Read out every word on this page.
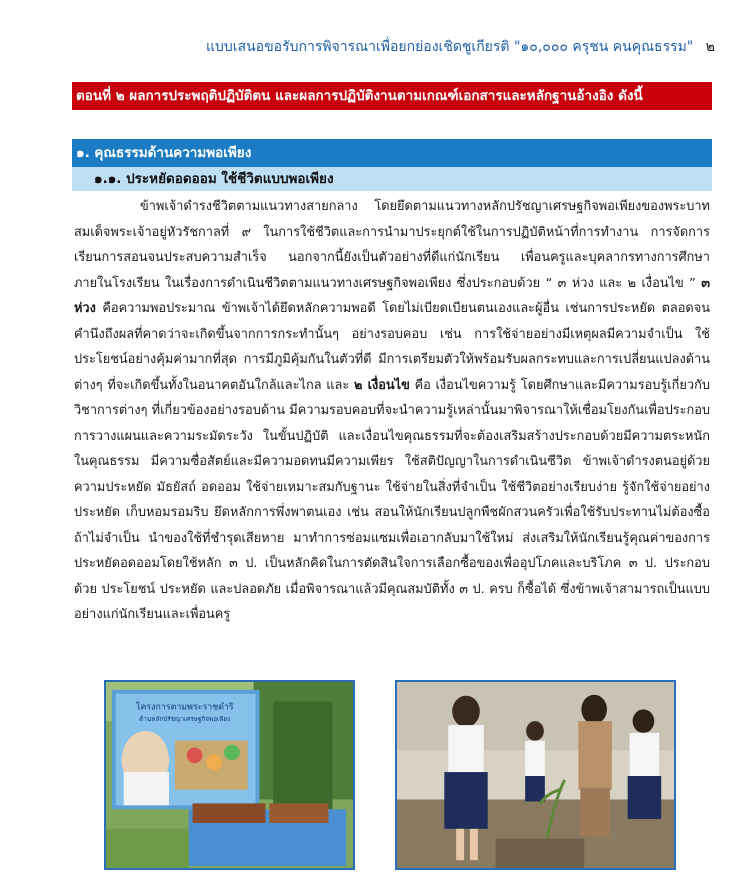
แบบเสนอขอรับการพิจารณาเพื่อยกย่องเชิดชูเกียรติ "๑๐,๐๐๐ ครุชน คนคุณธรรม" ๒
ตอนที่ ๒ ผลการประพฤติปฏิบัติตน และผลการปฏิบัติงานตามเกณฑ์เอกสารและหลักฐานอ้างอิง ดังนี้
๑. คุณธรรมด้านความพอเพียง
๑.๑. ประหยัดอดออม ใช้ชีวิตแบบพอเพียง

ข้าพเจ้าดำรงชีวิตตามแนวทางสายกลาง โดยยึดตามแนวทางหลักปรัชญาเศรษฐกิจพอเพียงของพระบาทสมเด็จพระเจ้าอยู่หัวรัชกาลที่ ๙ ในการใช้ชีวิตและการนำมาประยุกต์ใช้ในการปฏิบัติหน้าที่การทำงาน การจัดการเรียนการสอนจนประสบความสำเร็จ นอกจากนี้ยังเป็นตัวอย่างที่ดีแก่นักเรียน เพื่อนครูและบุคลากรทางการศึกษาภายในโรงเรียน ในเรื่องการดำเนินชีวิตตามแนวทางเศรษฐกิจพอเพียง ซึ่งประกอบด้วย “ ๓ ห่วง และ ๒ เงื่อนไข ” ๓ ห่วง คือความพอประมาณ ข้าพเจ้าได้ยึดหลักความพอดี โดยไม่เบียดเบียนตนเองและผู้อื่น เช่นการประหยัด ตลอดจนคำนึงถึงผลที่คาดว่าจะเกิดขึ้นจากการกระทำนั้นๆ อย่างรอบคอบ เช่น การใช้จ่ายอย่างมีเหตุผลมีความจำเป็น ใช้ประโยชน์อย่างคุ้มค่ามากที่สุด การมีภูมิคุ้มกันในตัวที่ดี มีการเตรียมตัวให้พร้อมรับผลกระทบและการเปลี่ยนแปลงด้านต่างๆ ที่จะเกิดขึ้นทั้งในอนาคตอันใกล้และไกล และ ๒ เงื่อนไข คือ เงื่อนไขความรู้ โดยศึกษาและมีความรอบรู้เกี่ยวกับวิชาการต่างๆ ที่เกี่ยวข้องอย่างรอบด้าน มีความรอบคอบที่จะนำความรู้เหล่านั้นมาพิจารณาให้เชื่อมโยงกันเพื่อประกอบการวางแผนและความระมัดระวัง ในขั้นปฏิบัติ และเงื่อนไขคุณธรรมที่จะต้องเสริมสร้างประกอบด้วยมีความตระหนักในคุณธรรม มีความซื่อสัตย์และมีความอดทนมีความเพียร ใช้สติปัญญาในการดำเนินชีวิต ข้าพเจ้าดำรงตนอยู่ด้วยความประหยัด มัธยัสถ์ อดออม ใช้จ่ายเหมาะสมกับฐานะ ใช้จ่ายในสิ่งที่จำเป็น ใช้ชีวิตอย่างเรียบง่าย รู้จักใช้จ่ายอย่างประหยัด เก็บหอมรอมริบ ยึดหลักการพึ่งพาตนเอง เช่น สอนให้นักเรียนปลูกพืชผักสวนครัวเพื่อใช้รับประทานไม่ต้องซื้อ ถ้าไม่จำเป็น นำของใช้ที่ชำรุดเสียหาย มาทำการซ่อมแซมเพื่อเอากลับมาใช้ใหม่ ส่งเสริมให้นักเรียนรู้คุณค่าของการประหยัดอดออมโดยใช้หลัก ๓ ป. เป็นหลักคิดในการตัดสินใจการเลือกซื้อของเพื่ออุปโภคและบริโภค ๓ ป. ประกอบด้วย ประโยชน์ ประหยัด และปลอดภัย เมื่อพิจารณาแล้วมีคุณสมบัติทั้ง ๓ ป. ครบ ก็ซื้อได้ ซึ่งข้าพเจ้าสามารถเป็นแบบอย่างแก่นักเรียนและเพื่อนครู

โครงการตามพระราชดำริ
ด้านหลักปรัชญาเศรษฐกิจพอเพียง
